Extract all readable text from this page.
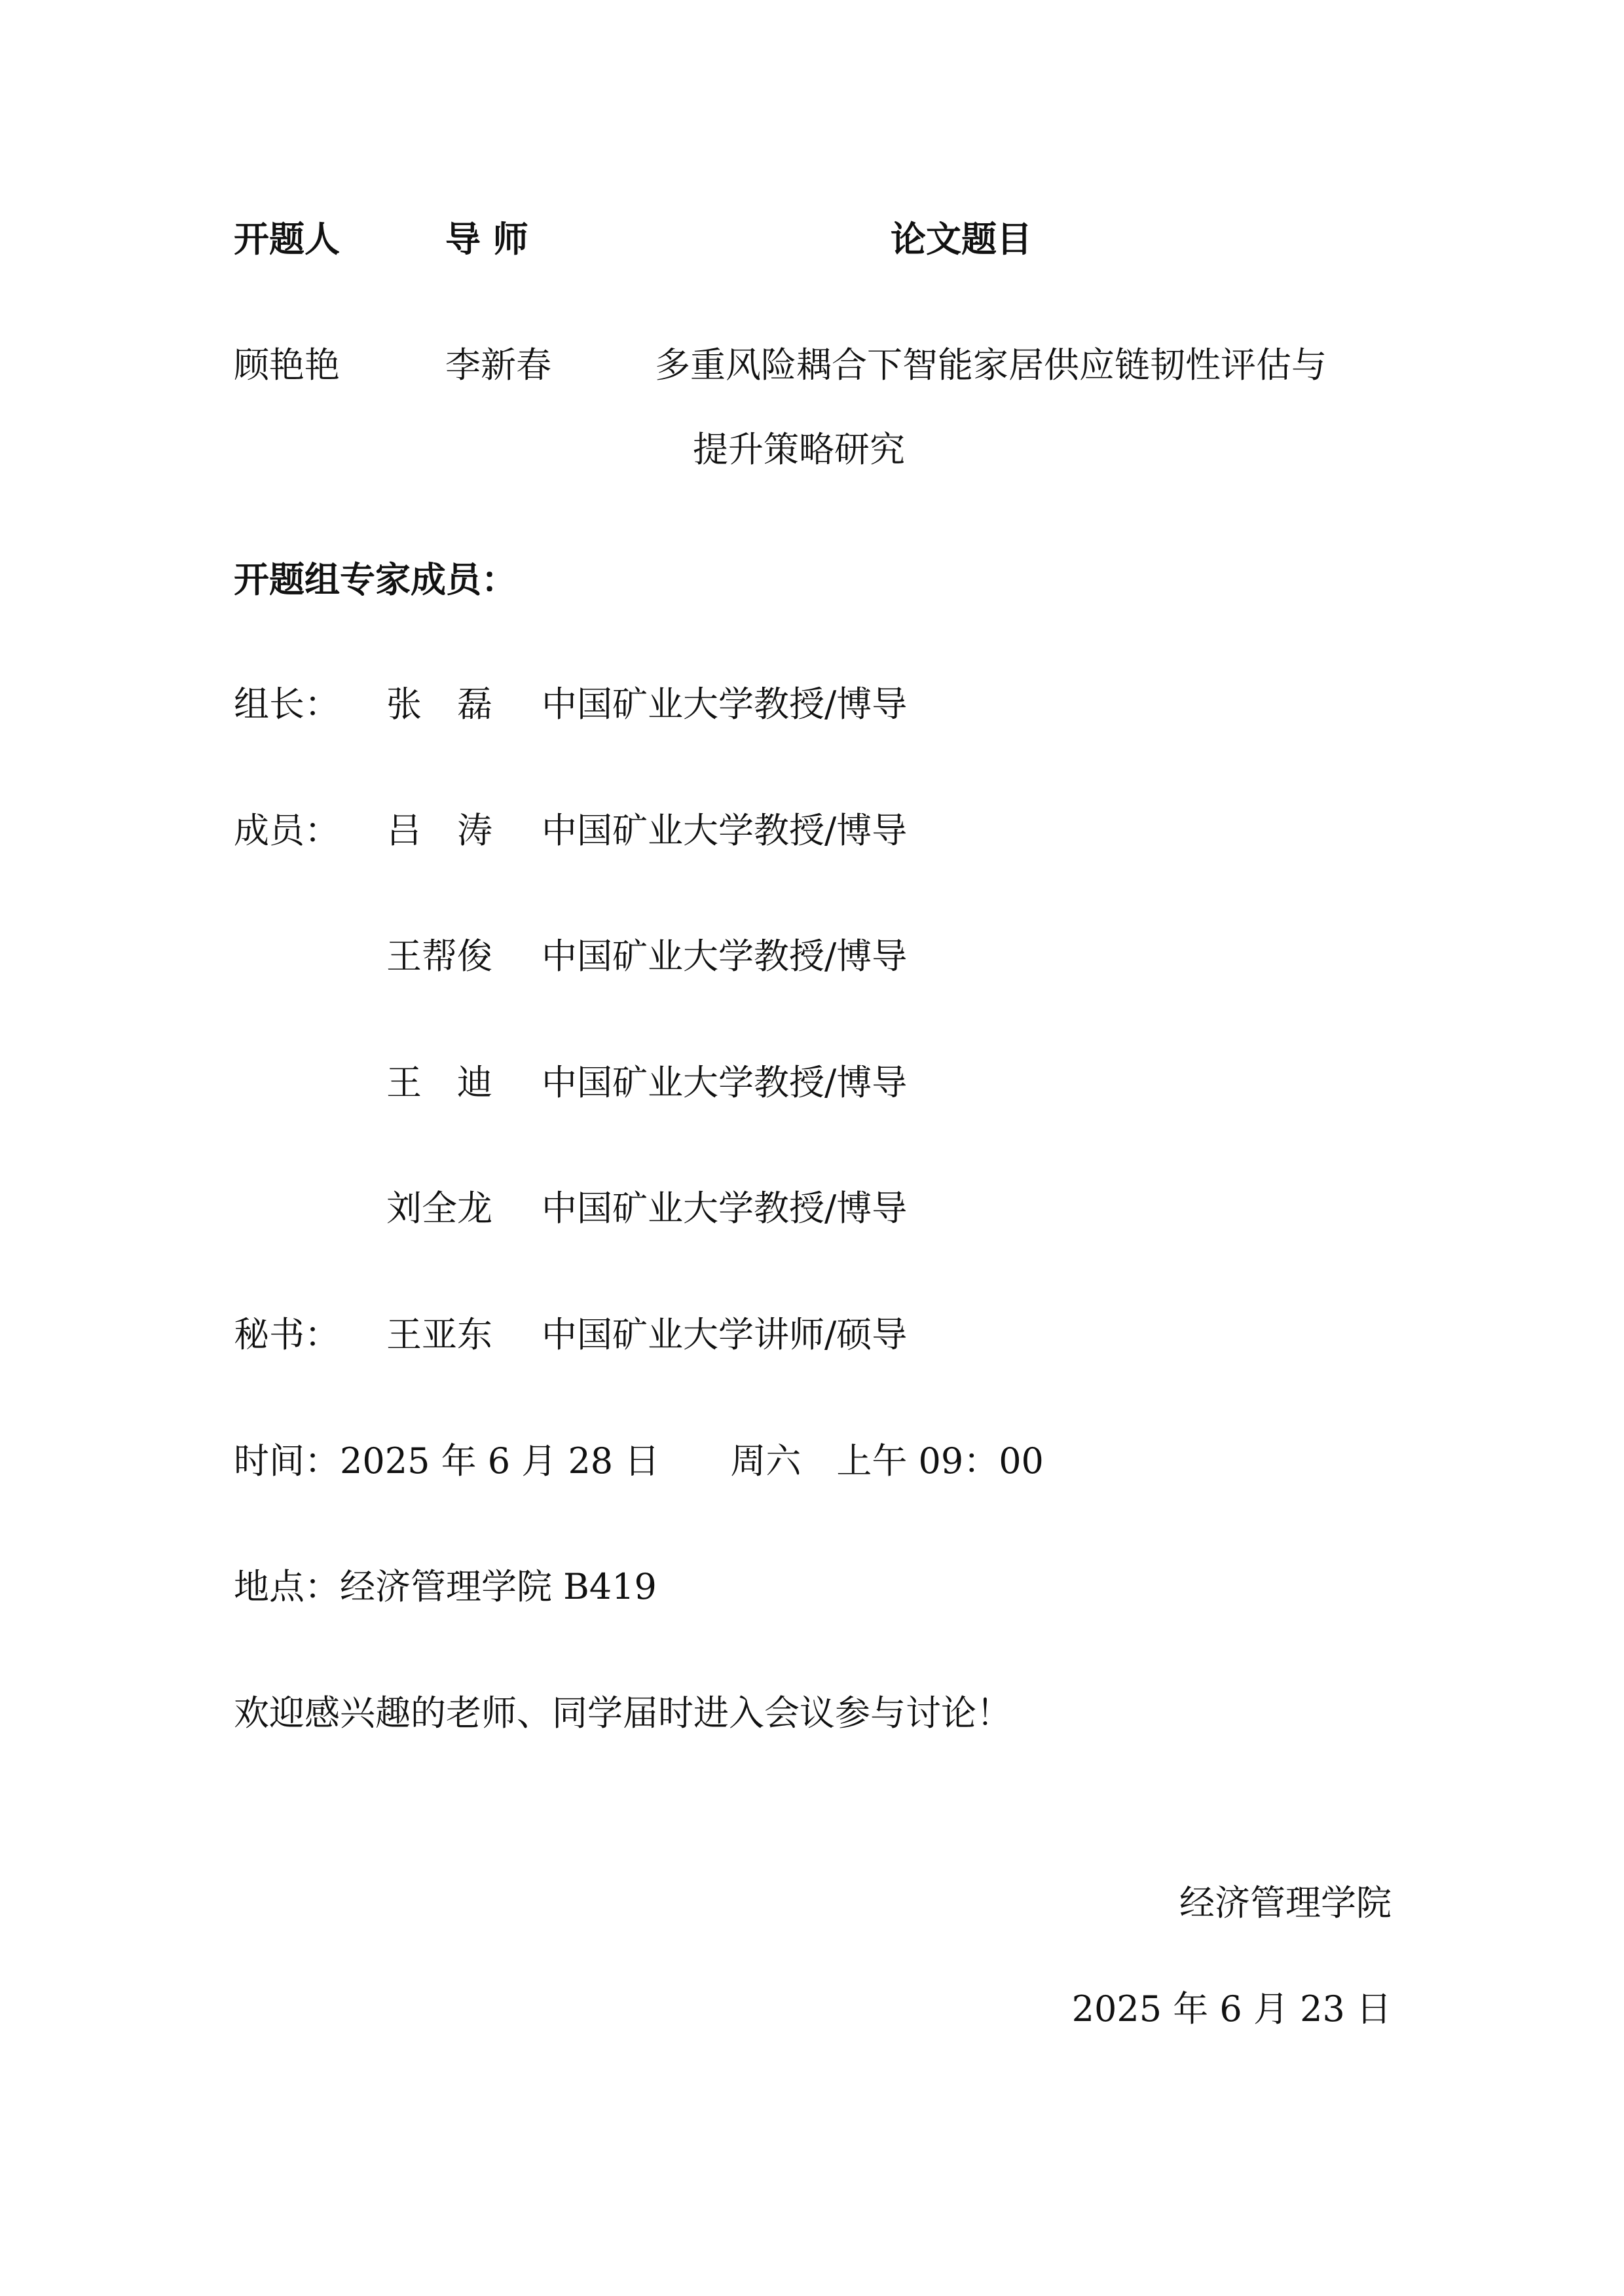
开题人	导 师	论文题目
顾艳艳	李新春	多重风险耦合下智能家居供应链韧性评估与
提升策略研究
开题组专家成员：
组长： 张　磊 中国矿业大学教授/博导
成员： 吕　涛 中国矿业大学教授/博导
王帮俊 中国矿业大学教授/博导
王　迪 中国矿业大学教授/博导
刘全龙 中国矿业大学教授/博导
秘书： 王亚东 中国矿业大学讲师/硕导
时间：2025 年 6 月 28 日　　周六　上午 09：00
地点：经济管理学院 B419
欢迎感兴趣的老师、同学届时进入会议参与讨论！
经济管理学院
2025 年 6 月 23 日
